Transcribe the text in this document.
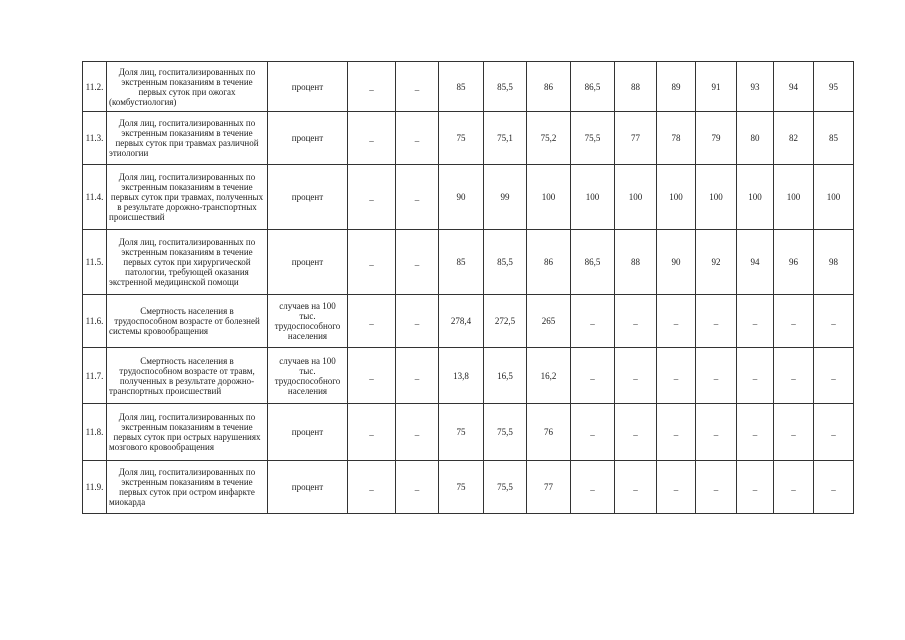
11.2.	Доля лиц, госпитализированных по экстренным показаниям в течение первых суток при ожогах (комбустиология)	процент	_	_	85	85,5	86	86,5	88	89	91	93	94	95
11.3.	Доля лиц, госпитализированных по экстренным показаниям в течение первых суток при травмах различной этиологии	процент	_	_	75	75,1	75,2	75,5	77	78	79	80	82	85
11.4.	Доля лиц, госпитализированных по экстренным показаниям в течение первых суток при травмах, полученных в результате дорожно-транспортных происшествий	процент	_	_	90	99	100	100	100	100	100	100	100	100
11.5.	Доля лиц, госпитализированных по экстренным показаниям в течение первых суток при хирургической патологии, требующей оказания экстренной медицинской помощи	процент	_	_	85	85,5	86	86,5	88	90	92	94	96	98
11.6.	Смертность населения в трудоспособном возрасте от болезней системы кровообращения	случаев на 100 тыс. трудоспособного населения	_	_	278,4	272,5	265	_	_	_	_	_	_	_
11.7.	Смертность населения в трудоспособном возрасте от травм, полученных в результате дорожно-транспортных происшествий	случаев на 100 тыс. трудоспособного населения	_	_	13,8	16,5	16,2	_	_	_	_	_	_	_
11.8.	Доля лиц, госпитализированных по экстренным показаниям в течение первых суток при острых нарушениях мозгового кровообращения	процент	_	_	75	75,5	76	_	_	_	_	_	_	_
11.9.	Доля лиц, госпитализированных по экстренным показаниям в течение первых суток при остром инфаркте миокарда	процент	_	_	75	75,5	77	_	_	_	_	_	_	_
